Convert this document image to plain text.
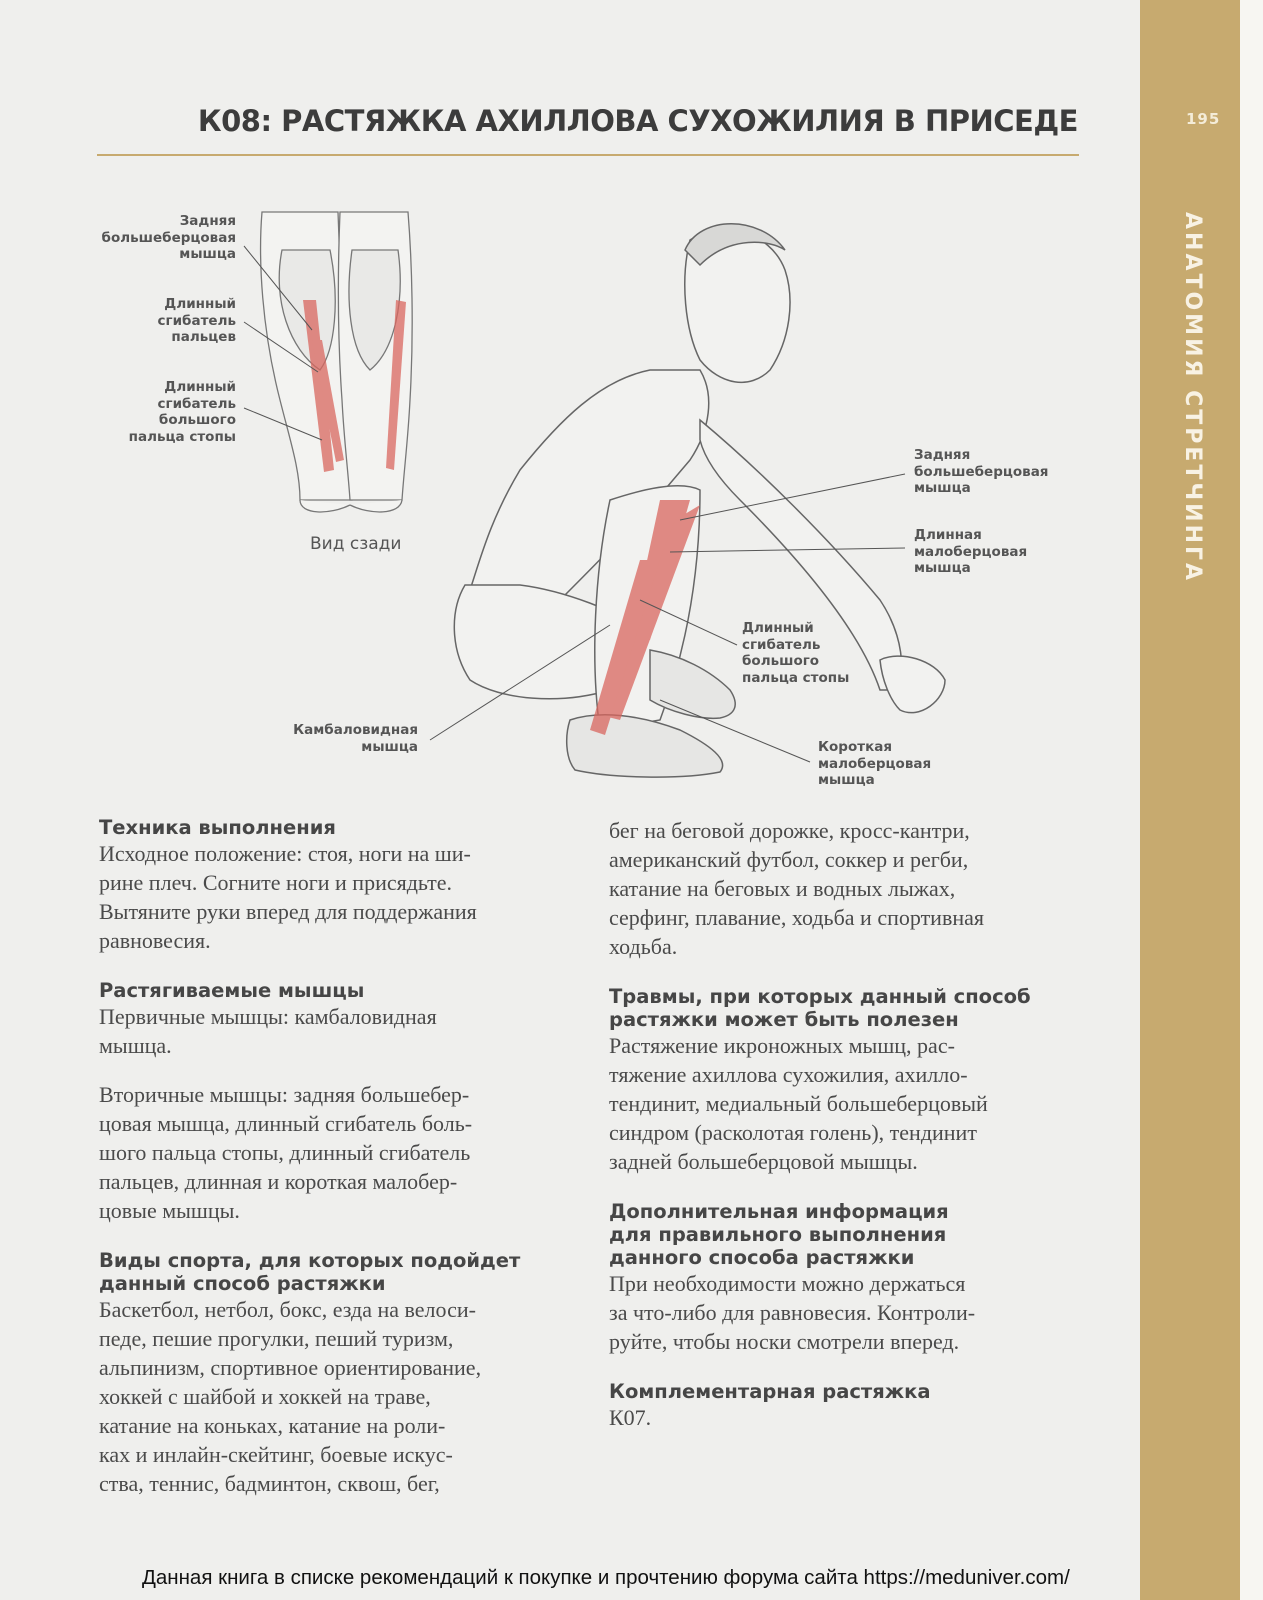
195
АНАТОМИЯ СТРЕТЧИНГА
К08: РАСТЯЖКА АХИЛЛОВА СУХОЖИЛИЯ В ПРИСЕДЕ
Задняя
большеберцовая
мышца
Длинный
сгибатель
пальцев
Длинный
сгибатель
большого
пальца стопы
Вид сзади
Задняя
большеберцовая
мышца
Длинная
малоберцовая
мышца
Длинный
сгибатель
большого
пальца стопы
Камбаловидная
мышца	Короткая
малоберцовая
мышца

Техника выполнения

Исходное положение: стоя, ноги на ши-

рине плеч. Согните ноги и присядьте.

Вытяните руки вперед для поддержания

равновесия.

Растягиваемые мышцы

Первичные мышцы: камбаловидная

мышца.

Вторичные мышцы: задняя большебер-

цовая мышца, длинный сгибатель боль-

шого пальца стопы, длинный сгибатель

пальцев, длинная и короткая малобер-

цовые мышцы.

Виды спорта, для которых подойдет
данный способ растяжки

Баскетбол, нетбол, бокс, езда на велоси-

педе, пешие прогулки, пеший туризм,

альпинизм, спортивное ориентирование,

хоккей с шайбой и хоккей на траве,

катание на коньках, катание на роли-

ках и инлайн-скейтинг, боевые искус-

ства, теннис, бадминтон, сквош, бег,

бег на беговой дорожке, кросс-кантри,

американский футбол, соккер и регби,

катание на беговых и водных лыжах,

серфинг, плавание, ходьба и спортивная

ходьба.

Травмы, при которых данный способ
растяжки может быть полезен

Растяжение икроножных мышц, рас-

тяжение ахиллова сухожилия, ахилло-

тендинит, медиальный большеберцовый

синдром (расколотая голень), тендинит

задней большеберцовой мышцы.

Дополнительная информация
для правильного выполнения
данного способа растяжки

При необходимости можно держаться

за что-либо для равновесия. Контроли-

руйте, чтобы носки смотрели вперед.

Комплементарная растяжка

К07.

Данная книга в списке рекомендаций к покупке и прочтению форума сайта https://meduniver.com/
